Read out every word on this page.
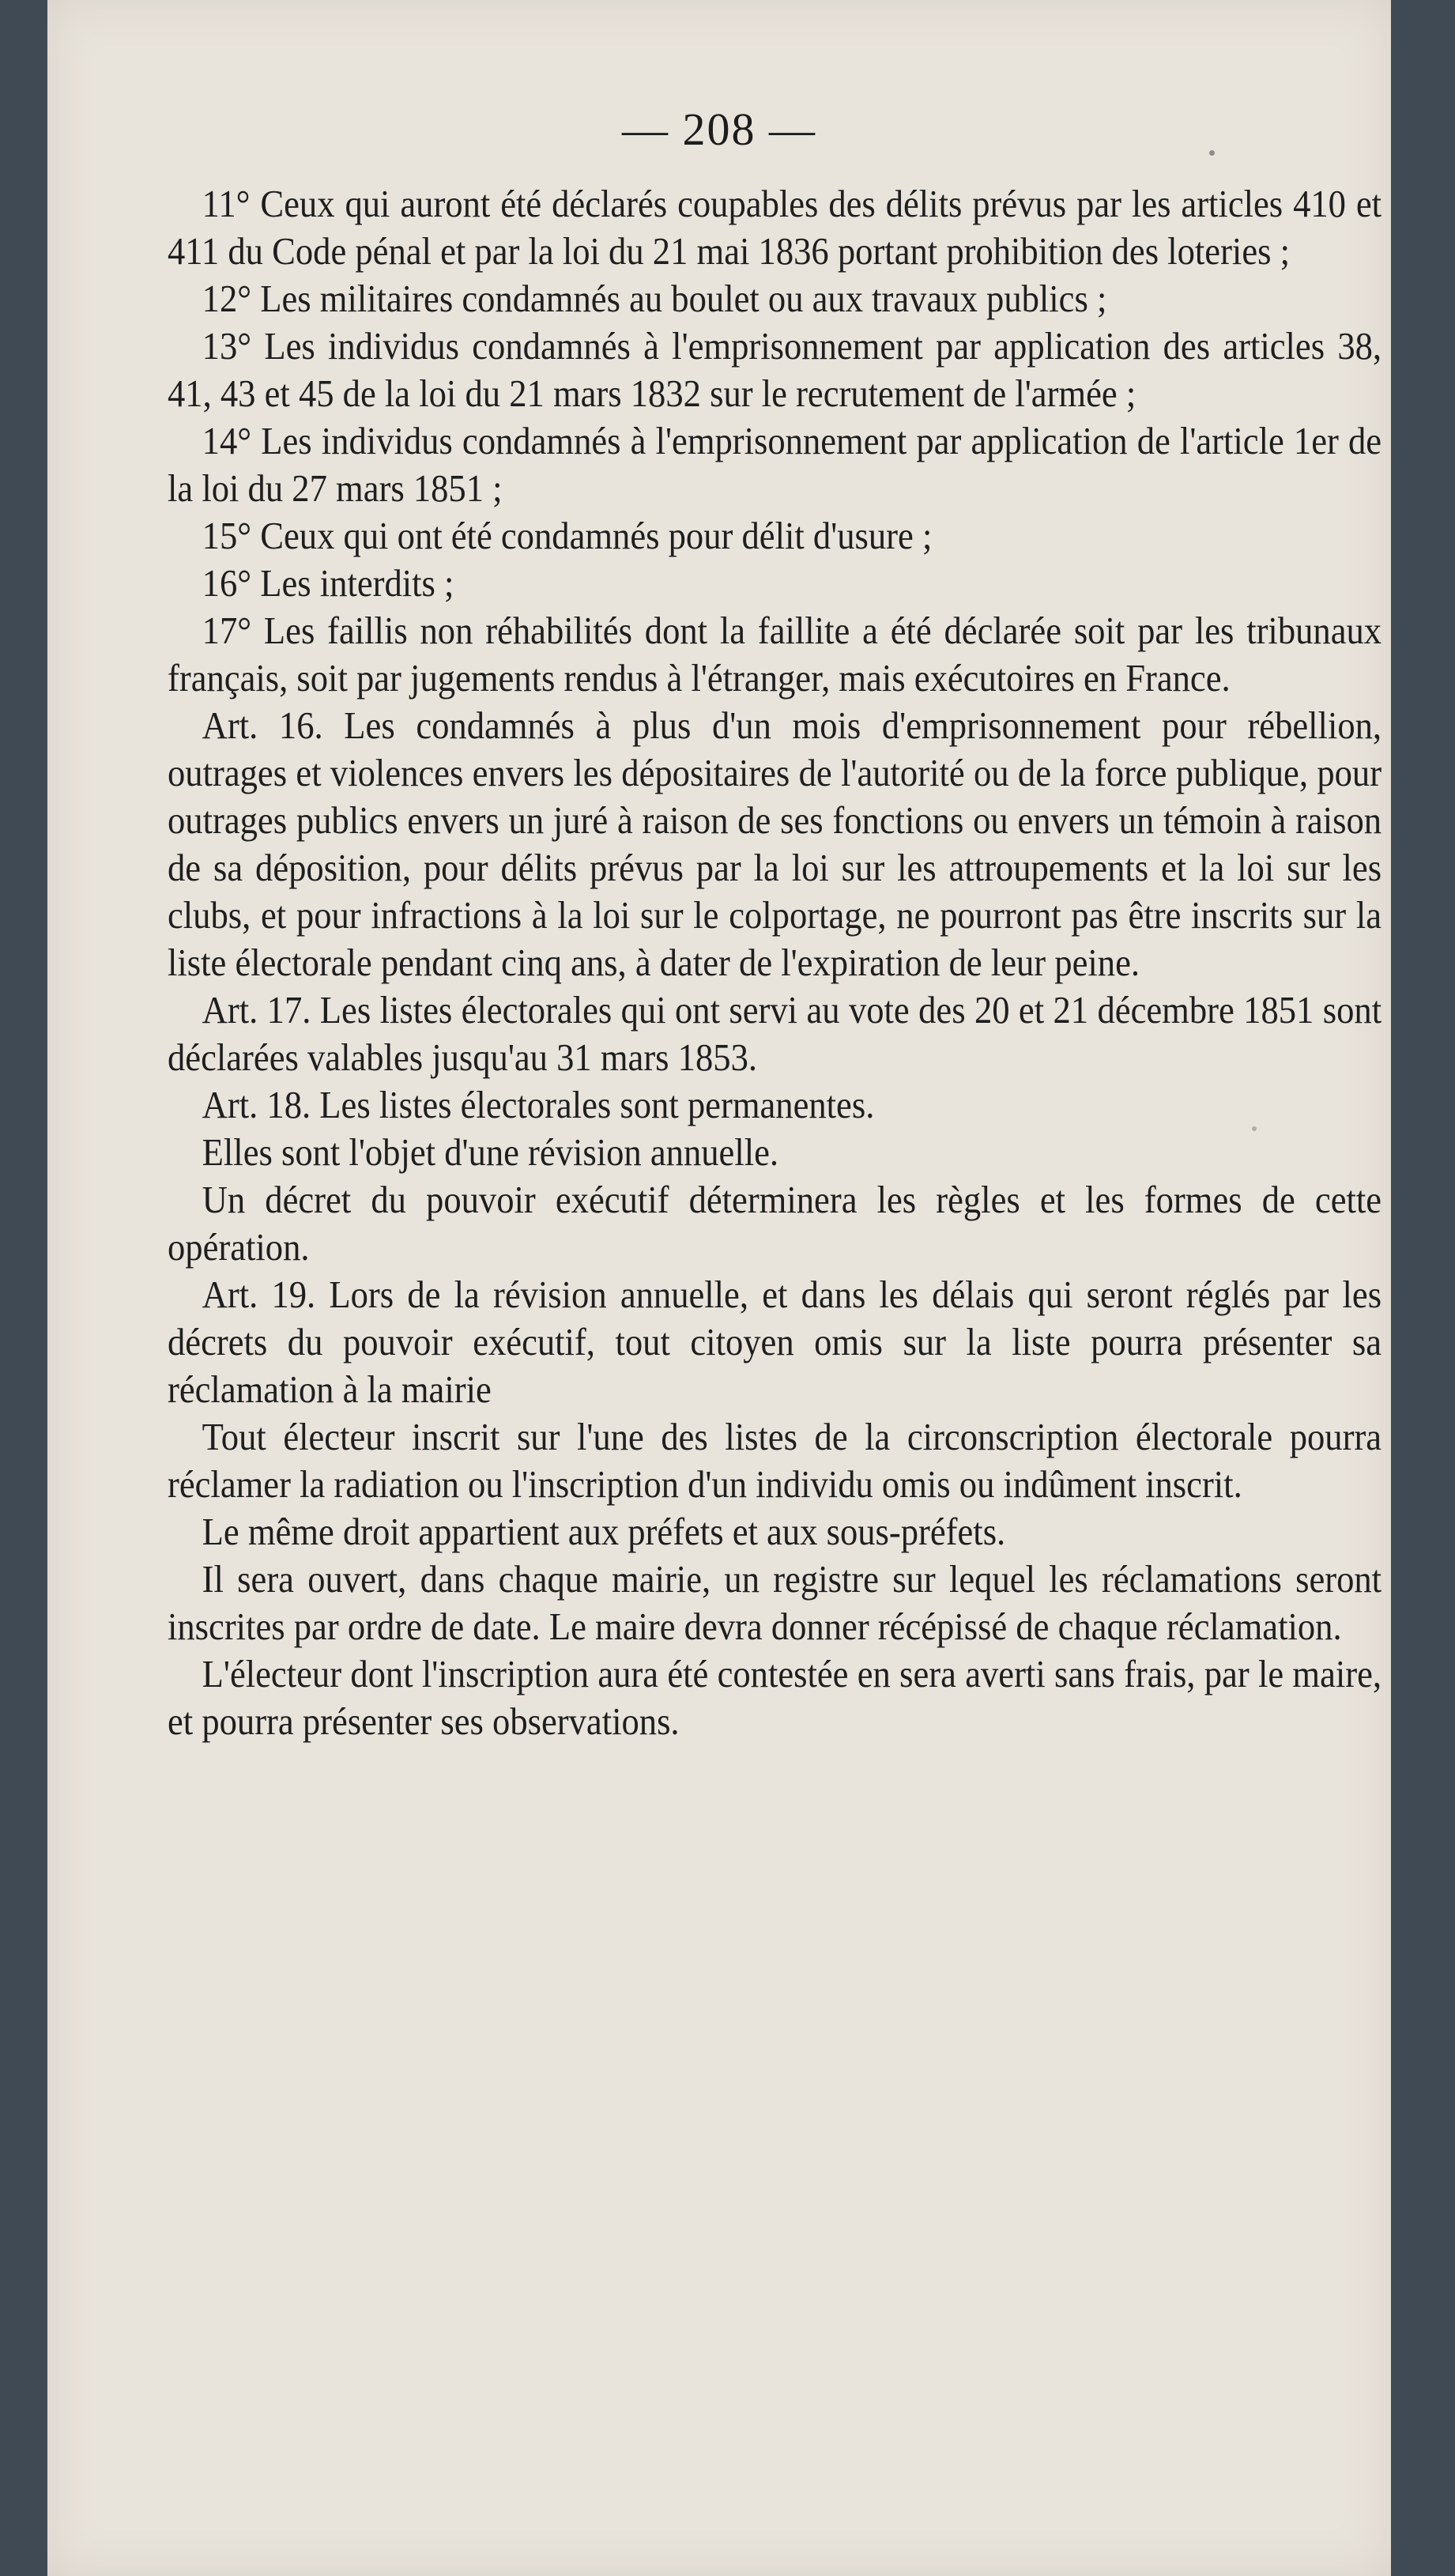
— 208 —

11° Ceux qui auront été déclarés coupables des délits prévus par les articles 410 et 411 du Code pénal et par la loi du 21 mai 1836 portant prohibition des loteries ;

12° Les militaires condamnés au boulet ou aux travaux publics ;

13° Les individus condamnés à l'emprisonnement par application des articles 38, 41, 43 et 45 de la loi du 21 mars 1832 sur le recrutement de l'armée ;

14° Les individus condamnés à l'emprisonnement par application de l'article 1er de la loi du 27 mars 1851 ;

15° Ceux qui ont été condamnés pour délit d'usure ;

16° Les interdits ;

17° Les faillis non réhabilités dont la faillite a été déclarée soit par les tribunaux français, soit par jugements rendus à l'étranger, mais exécutoires en France.

Art. 16. Les condamnés à plus d'un mois d'emprisonnement pour rébellion, outrages et violences envers les dépositaires de l'autorité ou de la force publique, pour outrages publics envers un juré à raison de ses fonctions ou envers un témoin à raison de sa déposition, pour délits prévus par la loi sur les attroupements et la loi sur les clubs, et pour infractions à la loi sur le colportage, ne pourront pas être inscrits sur la liste électorale pendant cinq ans, à dater de l'expiration de leur peine.

Art. 17. Les listes électorales qui ont servi au vote des 20 et 21 décembre 1851 sont déclarées valables jusqu'au 31 mars 1853.

Art. 18. Les listes électorales sont permanentes.

Elles sont l'objet d'une révision annuelle.

Un décret du pouvoir exécutif déterminera les règles et les formes de cette opération.

Art. 19. Lors de la révision annuelle, et dans les délais qui seront réglés par les décrets du pouvoir exécutif, tout citoyen omis sur la liste pourra présenter sa réclamation à la mairie

Tout électeur inscrit sur l'une des listes de la circonscription électorale pourra réclamer la radiation ou l'inscription d'un individu omis ou indûment inscrit.

Le même droit appartient aux préfets et aux sous-préfets.

Il sera ouvert, dans chaque mairie, un registre sur lequel les réclamations seront inscrites par ordre de date. Le maire devra donner récépissé de chaque réclamation.

L'électeur dont l'inscription aura été contestée en sera averti sans frais, par le maire, et pourra présenter ses observations.
